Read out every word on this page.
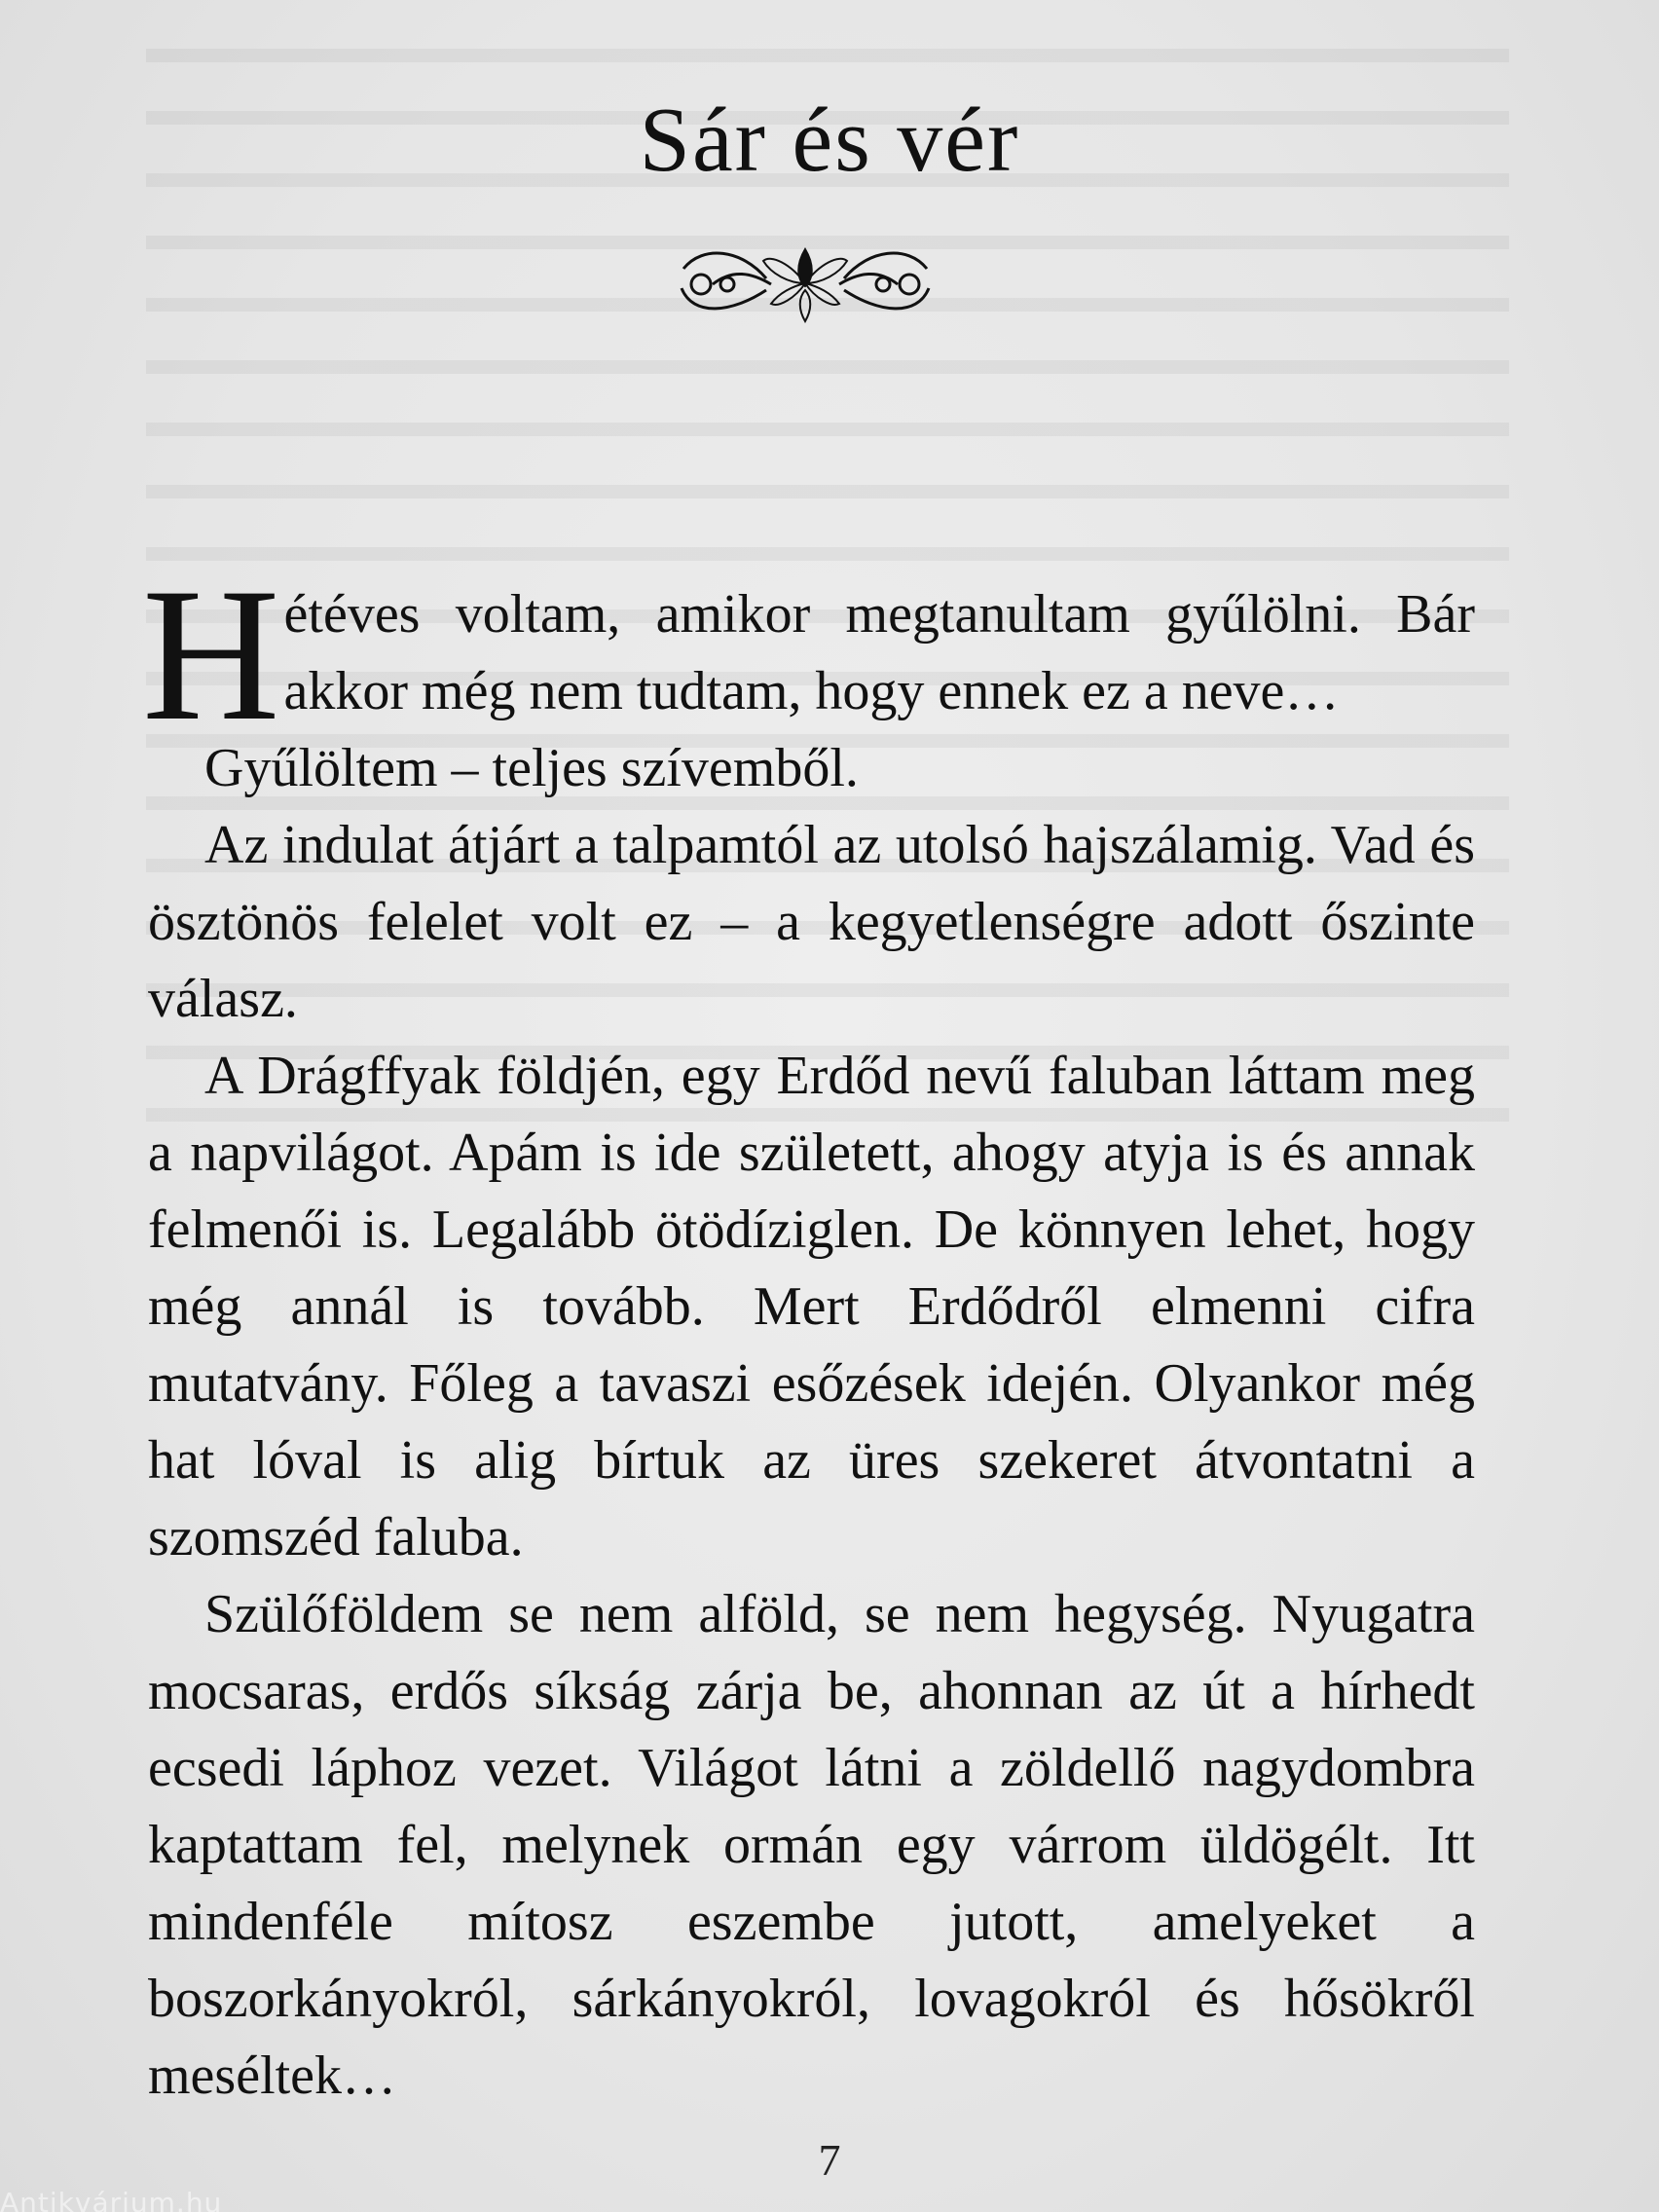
Sár és vér

Hétéves voltam, amikor megtanultam gyűlölni. Bár akkor még nem tudtam, hogy ennek ez a neve…

Gyűlöltem – teljes szívemből.

Az indulat átjárt a talpamtól az utolsó hajszálamig. Vad és ösztönös felelet volt ez – a kegyetlenségre adott őszinte válasz.

A Drágffyak földjén, egy Erdőd nevű faluban láttam meg a napvilágot. Apám is ide született, ahogy atyja is és annak felmenői is. Legalább ötödíziglen. De könnyen lehet, hogy még annál is tovább. Mert Erdődről elmenni cifra mutatvány. Főleg a tavaszi esőzések idején. Olyankor még hat lóval is alig bírtuk az üres szekeret átvontatni a szomszéd faluba.

Szülőföldem se nem alföld, se nem hegység. Nyugatra mocsaras, erdős síkság zárja be, ahonnan az út a hírhedt ecsedi láphoz vezet. Világot látni a zöldellő nagydombra kaptattam fel, melynek ormán egy várrom üldögélt. Itt mindenféle mítosz eszembe jutott, amelyeket a boszorkányokról, sárkányokról, lovagokról és hősökről meséltek…

7
Antikvárium.hu
